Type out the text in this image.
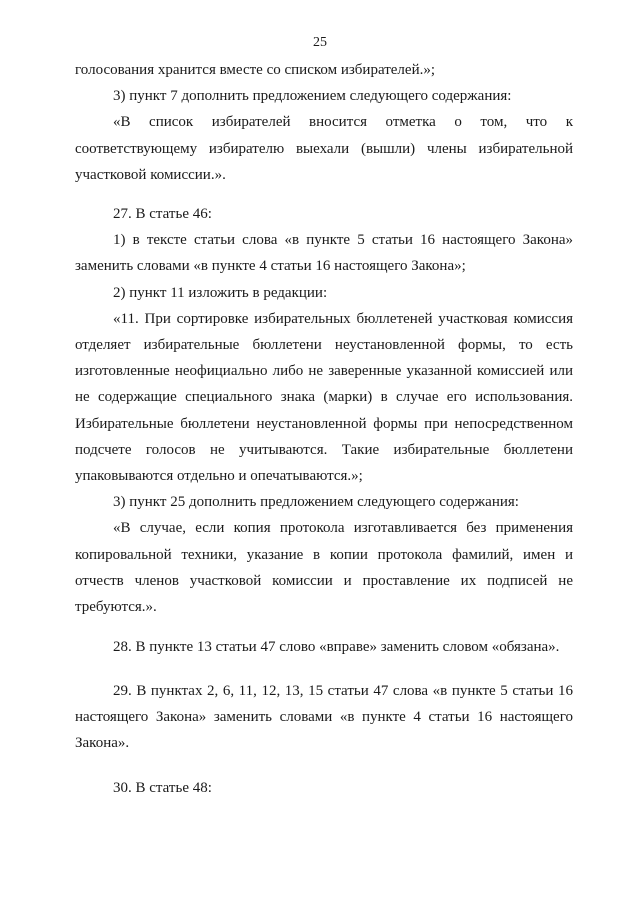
25

голосования хранится вместе со списком избирателей.»;

3) пункт 7 дополнить предложением следующего содержания:

«В список избирателей вносится отметка о том, что к соответствующему избирателю выехали (вышли) члены избирательной участковой комиссии.».

27. В статье 46:

1) в тексте статьи слова «в пункте 5 статьи 16 настоящего Закона» заменить словами «в пункте 4 статьи 16 настоящего Закона»;

2) пункт 11 изложить в редакции:

«11. При сортировке избирательных бюллетеней участковая комиссия отделяет избирательные бюллетени неустановленной формы, то есть изготовленные неофициально либо не заверенные указанной комиссией или не содержащие специального знака (марки) в случае его использования. Избирательные бюллетени неустановленной формы при непосредственном подсчете голосов не учитываются. Такие избирательные бюллетени упаковываются отдельно и опечатываются.»;

3) пункт 25 дополнить предложением следующего содержания:

«В случае, если копия протокола изготавливается без применения копировальной техники, указание в копии протокола фамилий, имен и отчеств членов участковой комиссии и проставление их подписей не требуются.».

28. В пункте 13 статьи 47 слово «вправе» заменить словом «обязана».

29. В пунктах 2, 6, 11, 12, 13, 15 статьи 47 слова «в пункте 5 статьи 16 настоящего Закона» заменить словами «в пункте 4 статьи 16 настоящего Закона».

30. В статье 48:
